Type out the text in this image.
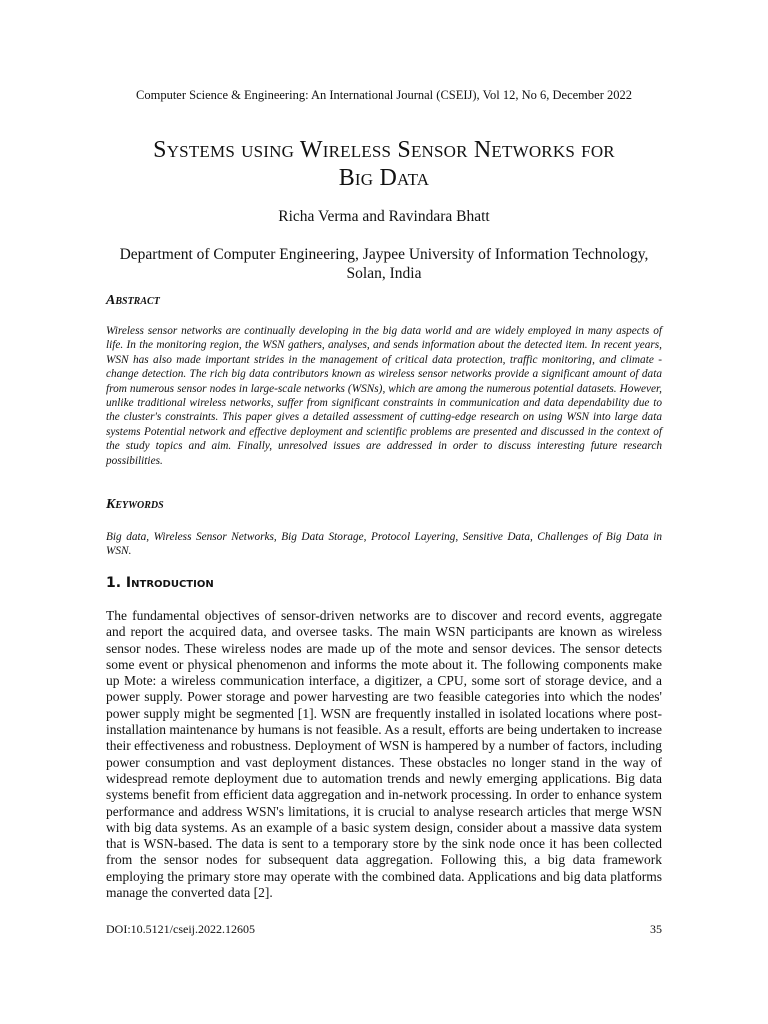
Computer Science & Engineering: An International Journal (CSEIJ), Vol 12, No 6, December 2022
Systems using Wireless Sensor Networks for
Big Data
Richa Verma and Ravindara Bhatt
Department of Computer Engineering, Jaypee University of Information Technology,
Solan, India
Abstract

Wireless sensor networks are continually developing in the big data world and are widely employed in many aspects of life. In the monitoring region, the WSN gathers, analyses, and sends information about the detected item. In recent years, WSN has also made important strides in the management of critical data protection, traffic monitoring, and climate - change detection. The rich big data contributors known as wireless sensor networks provide a significant amount of data from numerous sensor nodes in large-scale networks (WSNs), which are among the numerous potential datasets. However, unlike traditional wireless networks, suffer from significant constraints in communication and data dependability due to the cluster's constraints. This paper gives a detailed assessment of cutting-edge research on using WSN into large data systems Potential network and effective deployment and scientific problems are presented and discussed in the context of the study topics and aim. Finally, unresolved issues are addressed in order to discuss interesting future research possibilities.

Keywords

Big data, Wireless Sensor Networks, Big Data Storage, Protocol Layering, Sensitive Data, Challenges of Big Data in WSN.

1. Introduction

The fundamental objectives of sensor-driven networks are to discover and record events, aggregate and report the acquired data, and oversee tasks. The main WSN participants are known as wireless sensor nodes. These wireless nodes are made up of the mote and sensor devices. The sensor detects some event or physical phenomenon and informs the mote about it. The following components make up Mote: a wireless communication interface, a digitizer, a CPU, some sort of storage device, and a power supply. Power storage and power harvesting are two feasible categories into which the nodes' power supply might be segmented [1]. WSN are frequently installed in isolated locations where post-installation maintenance by humans is not feasible. As a result, efforts are being undertaken to increase their effectiveness and robustness. Deployment of WSN is hampered by a number of factors, including power consumption and vast deployment distances. These obstacles no longer stand in the way of widespread remote deployment due to automation trends and newly emerging applications. Big data systems benefit from efficient data aggregation and in-network processing. In order to enhance system performance and address WSN's limitations, it is crucial to analyse research articles that merge WSN with big data systems. As an example of a basic system design, consider about a massive data system that is WSN-based. The data is sent to a temporary store by the sink node once it has been collected from the sensor nodes for subsequent data aggregation. Following this, a big data framework employing the primary store may operate with the combined data. Applications and big data platforms manage the converted data [2].

DOI:10.5121/cseij.2022.12605	35
